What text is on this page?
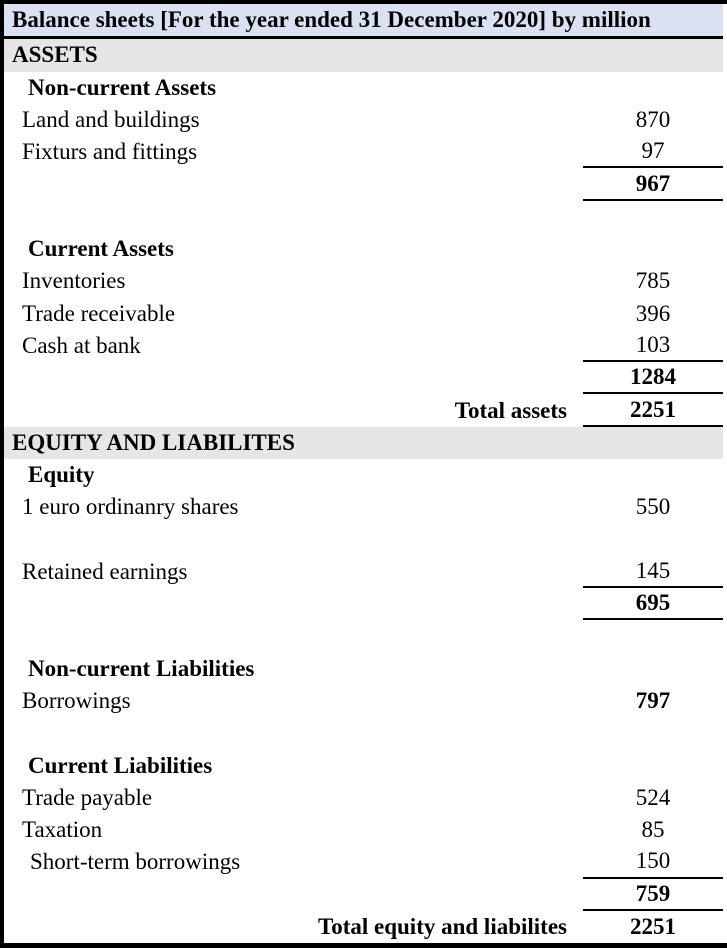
Balance sheets [For the year ended 31 December 2020] by million
ASSETS
Non-current Assets
Land and buildings	870
Fixturs and fittings	97
967
Current Assets
Inventories	785
Trade receivable	396
Cash at bank	103
1284
Total assets	2251
EQUITY AND LIABILITES
Equity
1 euro ordinanry shares	550
Retained earnings	145
695
Non-current Liabilities
Borrowings	797
Current Liabilities
Trade payable	524
Taxation	85
Short-term borrowings	150
759
Total equity and liabilites	2251
